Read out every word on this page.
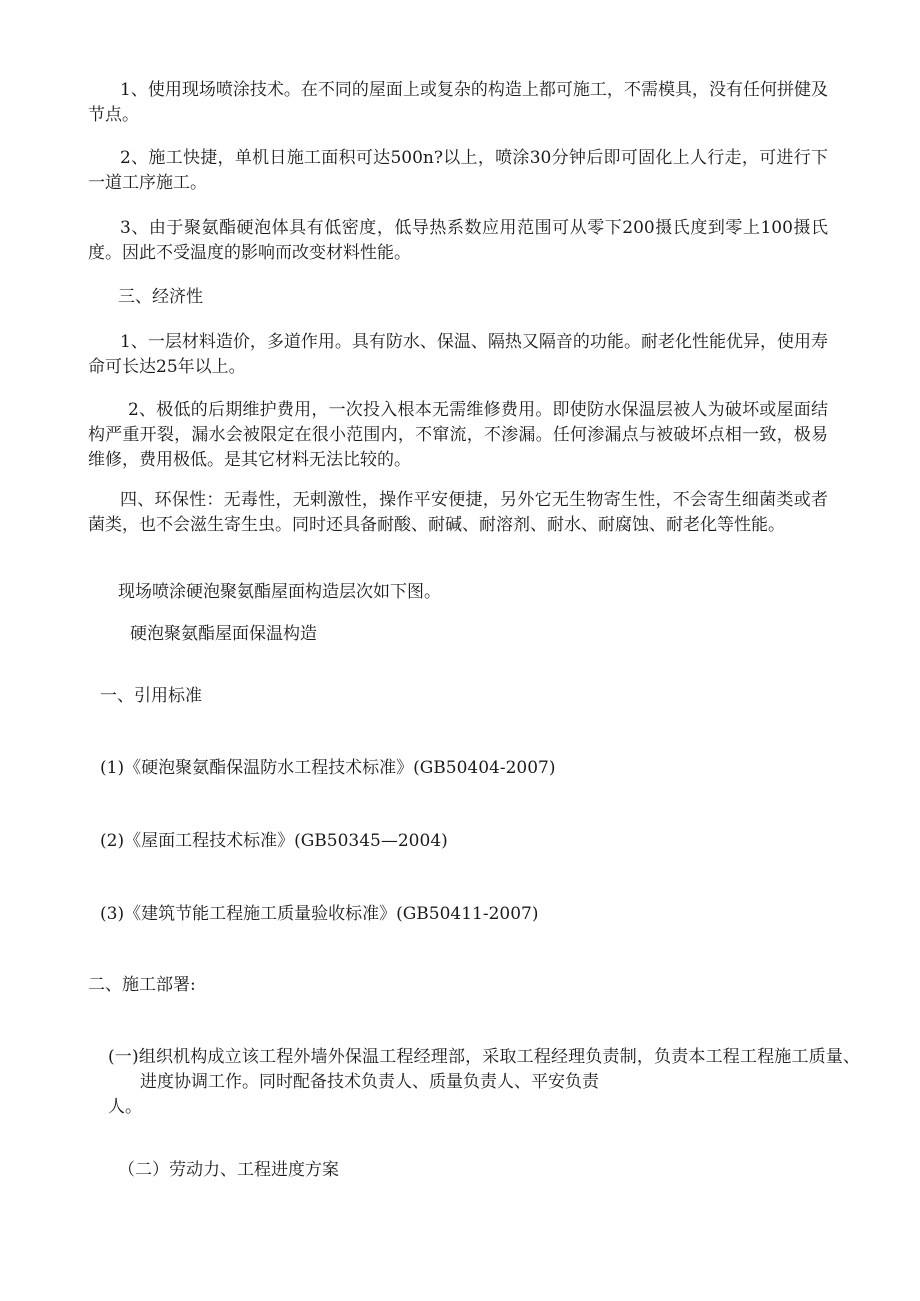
1、使用现场喷涂技术。在不同的屋面上或复杂的构造上都可施工，不需模具，没有任何拼健及节点。

2、施工快捷，单机日施工面积可达500n?以上，喷涂30分钟后即可固化上人行走，可进行下一道工序施工。

3、由于聚氨酯硬泡体具有低密度，低导热系数应用范围可从零下200摄氏度到零上100摄氏度。因此不受温度的影响而改变材料性能。

三、经济性

1、一层材料造价，多道作用。具有防水、保温、隔热又隔音的功能。耐老化性能优异，使用寿命可长达25年以上。

2、极低的后期维护费用，一次投入根本无需维修费用。即使防水保温层被人为破坏或屋面结构严重开裂，漏水会被限定在很小范围内，不窜流，不渗漏。任何渗漏点与被破坏点相一致，极易维修，费用极低。是其它材料无法比较的。

四、环保性：无毒性，无剌激性，操作平安便捷，另外它无生物寄生性，不会寄生细菌类或者菌类，也不会滋生寄生虫。同时还具备耐酸、耐碱、耐溶剂、耐水、耐腐蚀、耐老化等性能。

现场喷涂硬泡聚氨酯屋面构造层次如下图。

硬泡聚氨酯屋面保温构造

一、引用标准

(1)《硬泡聚氨酯保温防水工程技术标准》(GB50404-2007)

(2)《屋面工程技术标准》(GB50345—2004)

(3)《建筑节能工程施工质量验收标准》(GB50411-2007)

二、施工部署:

(一)组织机构成立该工程外墙外保温工程经理部，采取工程经理负责制，负责本工程工程施工质量、进度协调工作。同时配备技术负责人、质量负责人、平安负责
人。

（二）劳动力、工程进度方案
